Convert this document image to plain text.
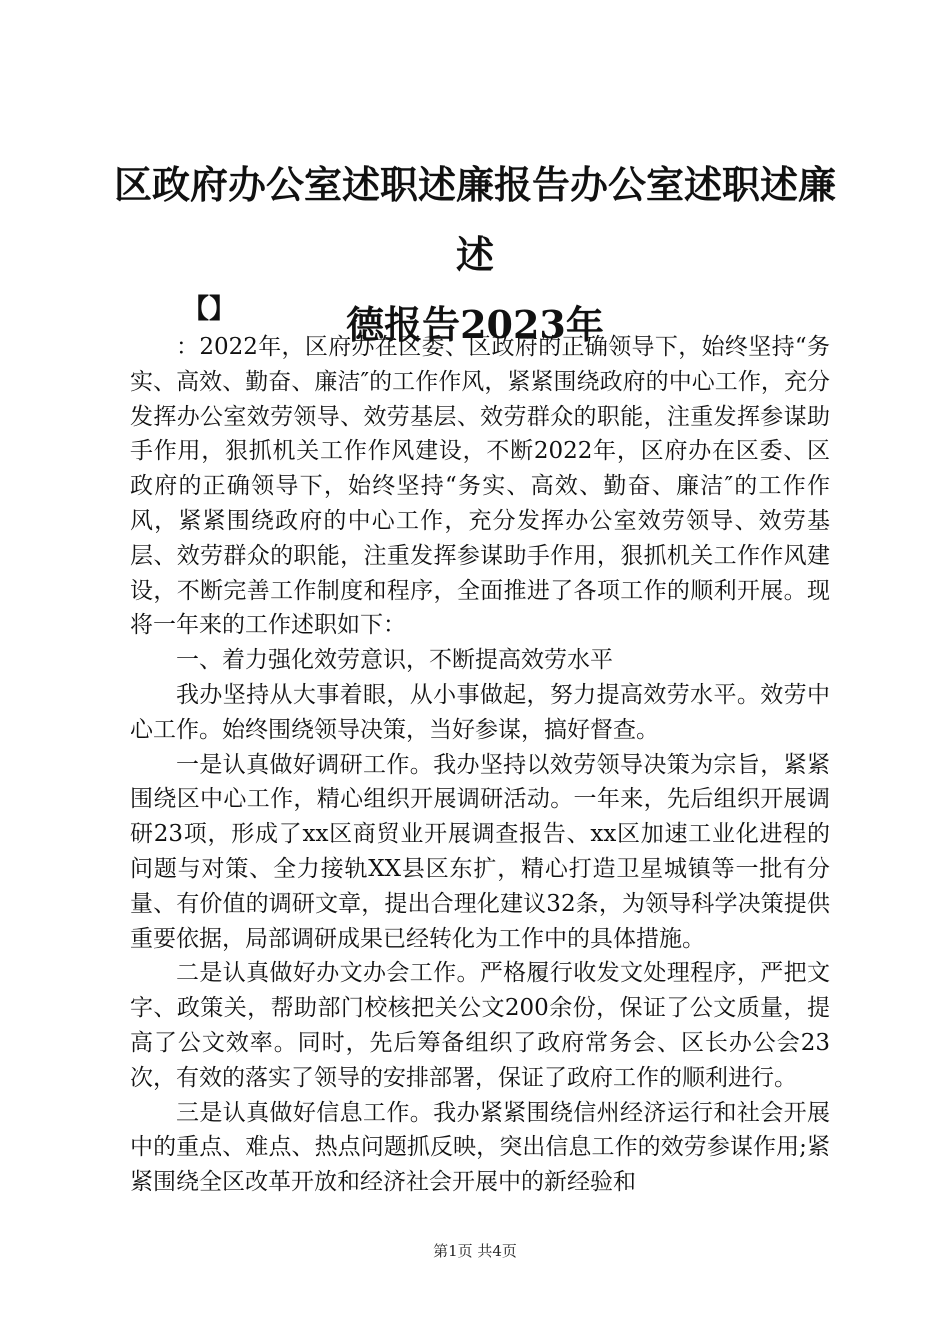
区政府办公室述职述廉报告办公室述职述廉述
德报告2023年
【】

：2022年，区府办在区委、区政府的正确领导下，始终坚持“务实、高效、勤奋、廉洁″的工作作风，紧紧围绕政府的中心工作，充分发挥办公室效劳领导、效劳基层、效劳群众的职能，注重发挥参谋助手作用，狠抓机关工作作风建设，不断2022年，区府办在区委、区政府的正确领导下，始终坚持“务实、高效、勤奋、廉洁″的工作作风，紧紧围绕政府的中心工作，充分发挥办公室效劳领导、效劳基层、效劳群众的职能，注重发挥参谋助手作用，狠抓机关工作作风建设，不断完善工作制度和程序，全面推进了各项工作的顺利开展。现将一年来的工作述职如下：

一、着力强化效劳意识，不断提高效劳水平

我办坚持从大事着眼，从小事做起，努力提高效劳水平。效劳中心工作。始终围绕领导决策，当好参谋，搞好督查。

一是认真做好调研工作。我办坚持以效劳领导决策为宗旨，紧紧围绕区中心工作，精心组织开展调研活动。一年来，先后组织开展调研23项，形成了xx区商贸业开展调查报告、xx区加速工业化进程的问题与对策、全力接轨XX县区东扩，精心打造卫星城镇等一批有分量、有价值的调研文章，提出合理化建议32条，为领导科学决策提供重要依据，局部调研成果已经转化为工作中的具体措施。

二是认真做好办文办会工作。严格履行收发文处理程序，严把文字、政策关，帮助部门校核把关公文200余份，保证了公文质量，提高了公文效率。同时，先后筹备组织了政府常务会、区长办公会23次，有效的落实了领导的安排部署，保证了政府工作的顺利进行。

三是认真做好信息工作。我办紧紧围绕信州经济运行和社会开展中的重点、难点、热点问题抓反映，突出信息工作的效劳参谋作用;紧紧围绕全区改革开放和经济社会开展中的新经验和

第1页 共4页
